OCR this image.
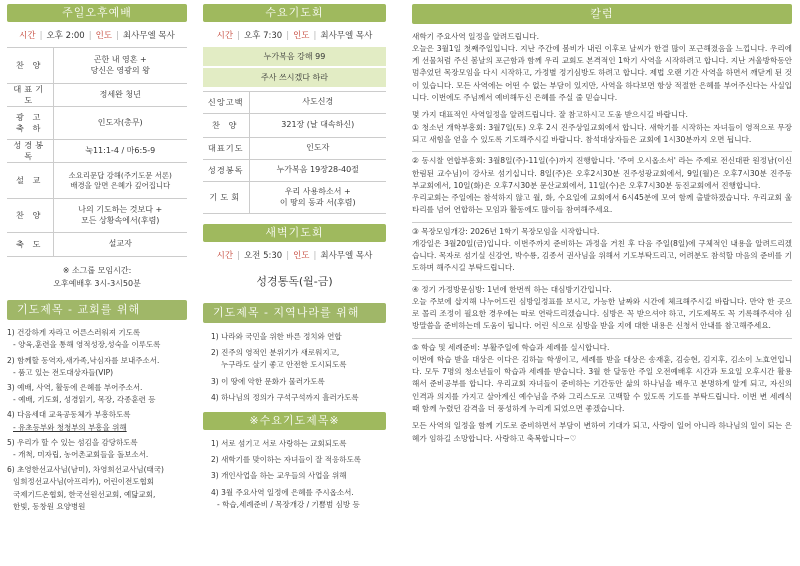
주일오후예배
시간 | 오후 2:00 | 인도 | 최사무엘 목사
찬 양	곤한 내 영혼 +
당신은 영광의 왕
대표기도	정세완 청년
광 고
축 하	인도자(총무)
성경봉독	눅11:1-4 / 마6:5-9
설 교	소요리문답 강해(주기도문 서론)
배경을 알면 은혜가 깊어집니다
찬 양	나의 기도하는 것보다 +
모든 상황속에서(후렴)
축 도	설교자
※ 소그룹 모임시간:
오후예배후 3시-3시50분
기도제목 - 교회를 위해
1) 건강하게 자라고 어른스러워져 기도록
- 양육,훈련을 통해 영적성장,성숙을 이루도록
2) 함께할 동역자,새가족,낙심자를 보내주소서.
- 품고 있는 전도대상자들(VIP)
3) 예배, 사역, 활동에 은혜를 부어주소서.
- 예배, 기도회, 성경읽기, 목장, 각종훈련 등
4) 다음세대 교육공동체가 부흥하도록
- 유초등부와 청청부의 부흥을 위해
5) 우리가 할 수 있는 섬김을 감당하도록
- 개척, 미자립, 농어촌교회들을 돌보소서.
6) 초영한선교사님(남미), 차영희선교사님(태국)
임희정선교사님(아프리카), 어린이전도협회
국제기드온협회, 한국선원선교회, 예닮교회,
한빛, 동창원 요양병원
수요기도회
시간 | 오후 7:30 | 인도 | 최사무엘 목사
누가복음 강해 99
주사 쓰시겠다 하라
신앙고백	사도신경
찬 양	321장 (날 대속하신)
대표기도	인도자
성경봉독	누가복음 19장28-40절
기도회	우리 사용하소서 +
이 땅의 동과 서(후렴)
새벽기도회
시간 | 오전 5:30 | 인도 | 최사무엘 목사
성경통독(월-금)
기도제목 - 지역나라를 위해
1) 나라와 국민을 위한 바른 정치와 연합
2) 진주의 영적인 분위기가 새로워지고,
누구라도 살기 좋고 안전한 도시되도록
3) 이 땅에 악한 문화가 물러가도록
4) 하나님의 정의가 구석구석까지 흘러가도록
※수요기도제목※
1) 서로 섬기고 서로 사랑하는 교회되도록
2) 새학기를 맞이하는 자녀들이 잘 적응하도록
3) 개인사업을 하는 교우들의 사업을 위해
4) 3월 주요사역 일정에 은혜를 주시옵소서.
- 학습,세례준비 / 목장개강 / 기쁨범 심방 등
칼럼

새학기 주요사역 일정을 알려드립니다.
오늘은 3월1일 첫째주일입니다. 지난 주간에 봄비가 내린 이후로 날씨가 한결 많이 포근해졌음을 느낍니다. 우리에게 선물처럼 주신 봄날의 포근함과 함께 우리 교회도 본격적인 1학기 사역을 시작하려고 합니다. 지난 겨울방학동안 멈추었던 목장모임을 다시 시작하고, 가정별 정기심방도 하려고 합니다. 제법 오랜 기간 사역을 하면서 깨닫게 된 것이 있습니다. 모든 사역에는 어떤 수 없는 부담이 있지만, 사역을 하다보면 항상 적절한 은혜를 부어주신다는 사실입니다. 이번에도 주님께서 예비해두신 은혜를 주실 줄 믿습니다.

몇 가지 대표적인 사역일정을 알려드립니다. 잘 참고하시고 도움 받으시길 바랍니다.
① 청소년 개학부흥회: 3월7일(토) 오후 2시 진주상일교회에서 합니다. 새학기를 시작하는 자녀들이 영적으로 무장되고 새힘을 얻을 수 있도록 기도해주시길 바랍니다. 참석대상자들은 교회에 1시30분까지 오면 됩니다.

② 동시찰 연합부흥회: 3월8일(주)-11일(수)까지 진행합니다. '주여 오시옵소서' 라는 주제로 전신대판 원정남(이신 한림된 교수님)이 강사로 섬기십니다. 8일(주)은 오후2시30분 진주성광교회에서, 9일(월)은 오후7시30분 진주동부교회에서, 10일(화)은 오후7시30분 문산교회에서, 11일(수)은 오후7시30분 동진교회에서 진행합니다.
우리교회는 주일에는 참석하지 않고 월, 화, 수요일에 교회에서 6시45분에 모여 함께 출발하겠습니다. 우리교회 울타리를 넘어 연합하는 모임과 활동에도 많이들 참여해주세요.

③ 목장모임개강: 2026년 1학기 목장모임을 시작합니다.
개강일은 3월20일(금)입니다. 이번주까지 준비하는 과정을 거친 후 다음 주일(8일)에 구체적인 내용을 알려드리겠습니다. 목자로 섬기실 신강연, 박수룡, 김종서 권사님을 위해서 기도부탁드리고, 어려분도 참석할 마음의 준비를 기도하며 해주시길 부탁드립니다.

④ 정기 가정방문심방: 1년에 한번씩 하는 대심방기간입니다.
오늘 주보에 삽지해 나누어드린 심방일정표를 보시고, 가능한 날짜와 시간에 체크해주시길 바랍니다. 만약 한 곳으로 몰리 조정이 필요한 경우에는 따로 연락드리겠습니다. 심방은 꼭 받으셔야 하고, 기도제목도 꼭 기록해주셔야 심방말씀을 준비하는데 도움이 됩니다. 어린 식으로 심방을 받을 지에 대한 내용은 신청서 안내를 참고해주세요.

⑤ 학습 및 세례준비: 부활주일에 학습과 세례를 실시합니다.
이번에 학습 받을 대상은 이다은 김하늘 학생이고, 세례를 받을 대상은 송재훈, 김승현, 김지후, 김소이 노효연입니다. 모두 7명의 청소년들이 학습과 세례를 받습니다. 3월 한 달동안 주일 오전예배후 시간과 토요일 오후시간 활용해서 준비공부를 합니다. 우리교회 자녀들이 준비하는 기간동안 삶의 하나님을 배우고 분명하게 알게 되고, 자신의 인격과 의지를 가지고 살아계신 예수님을 주와 그리스도로 고백할 수 있도록 기도를 부탁드립니다. 이번 변 세례식 때 함께 누렸던 감격을 더 풍성하게 누리게 되었으면 좋겠습니다.

모든 사역의 일정을 함께 기도로 준비하면서 부담이 변하여 기대가 되고, 사랑이 일어 아니라 하나님의 일이 되는 은혜가 임하길 소망합니다. 사랑하고 축복합니다~♡
